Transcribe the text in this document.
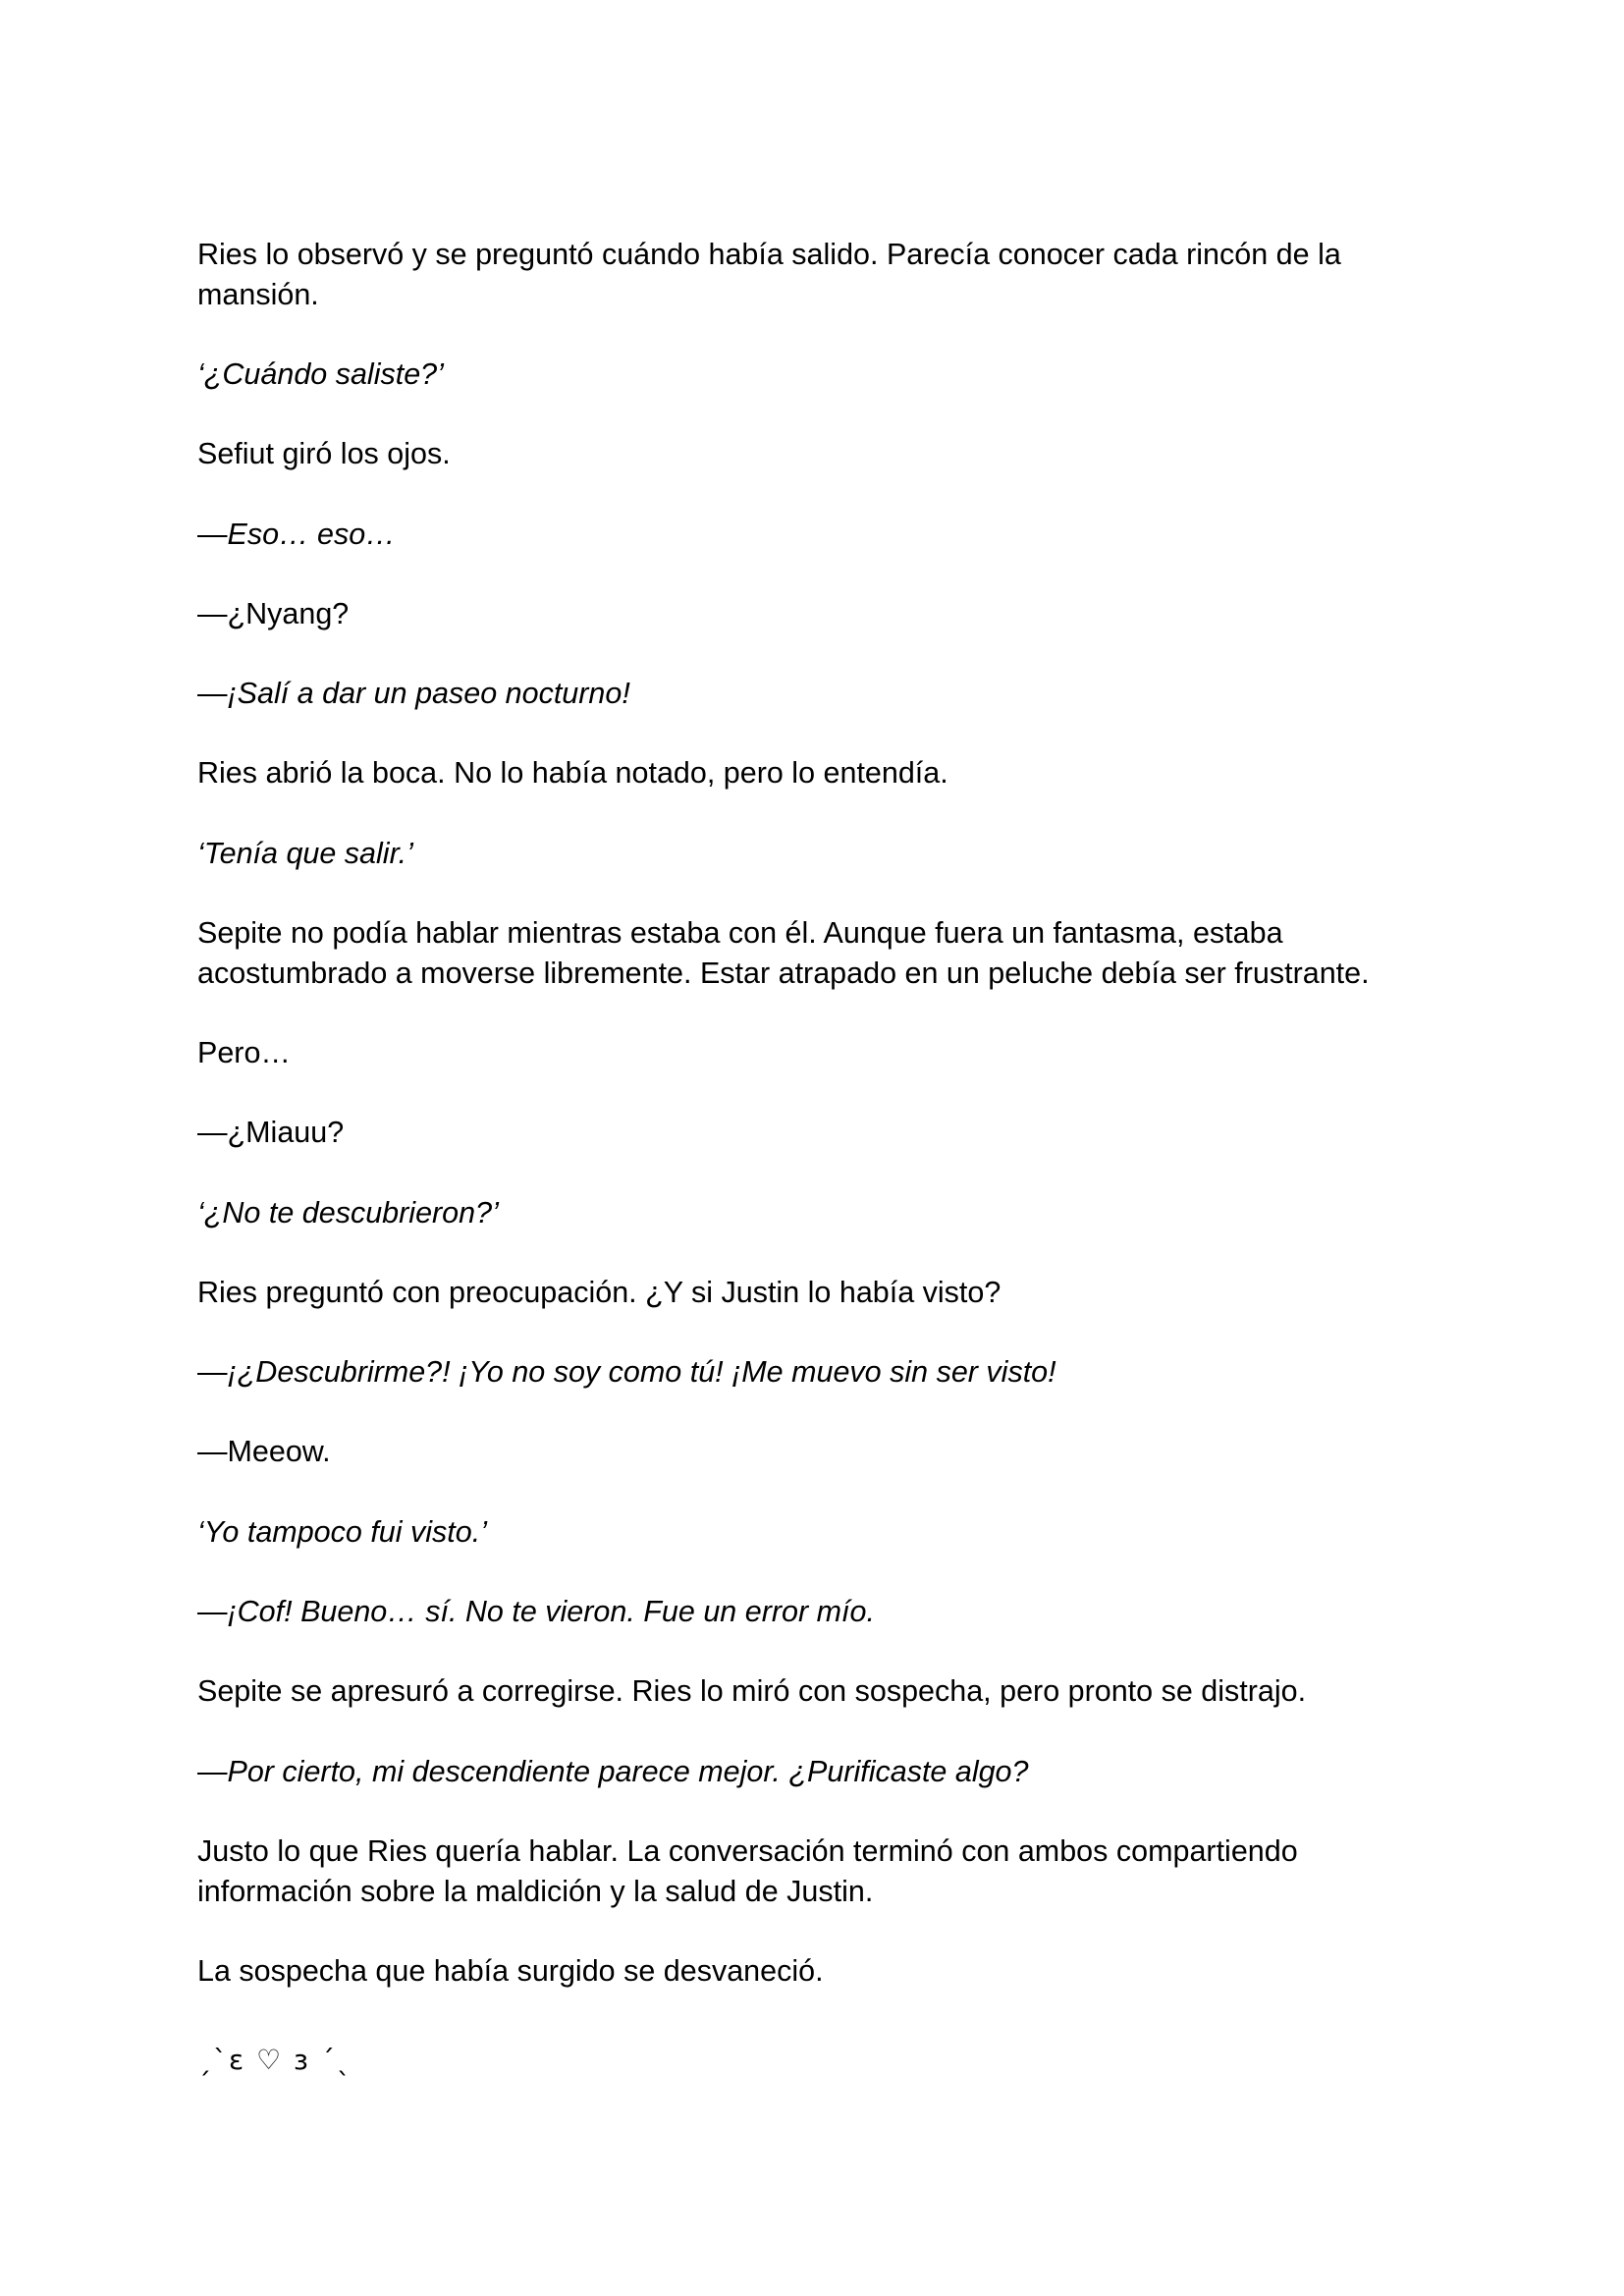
Ries lo observó y se preguntó cuándo había salido. Parecía conocer cada rincón de la
mansión.

‘¿Cuándo saliste?’

Sefiut giró los ojos.

—Eso… eso…

—¿Nyang?

—¡Salí a dar un paseo nocturno!

Ries abrió la boca. No lo había notado, pero lo entendía.

‘Tenía que salir.’

Sepite no podía hablar mientras estaba con él. Aunque fuera un fantasma, estaba
acostumbrado a moverse libremente. Estar atrapado en un peluche debía ser frustrante.

Pero…

—¿Miauu?

‘¿No te descubrieron?’

Ries preguntó con preocupación. ¿Y si Justin lo había visto?

—¡¿Descubrirme?! ¡Yo no soy como tú! ¡Me muevo sin ser visto!

—Meeow.

‘Yo tampoco fui visto.’

—¡Cof! Bueno… sí. No te vieron. Fue un error mío.

Sepite se apresuró a corregirse. Ries lo miró con sospecha, pero pronto se distrajo.

—Por cierto, mi descendiente parece mejor. ¿Purificaste algo?

Justo lo que Ries quería hablar. La conversación terminó con ambos compartiendo
información sobre la maldición y la salud de Justin.

La sospecha que había surgido se desvaneció.

ˏˋε ♡ з ˊˎ
